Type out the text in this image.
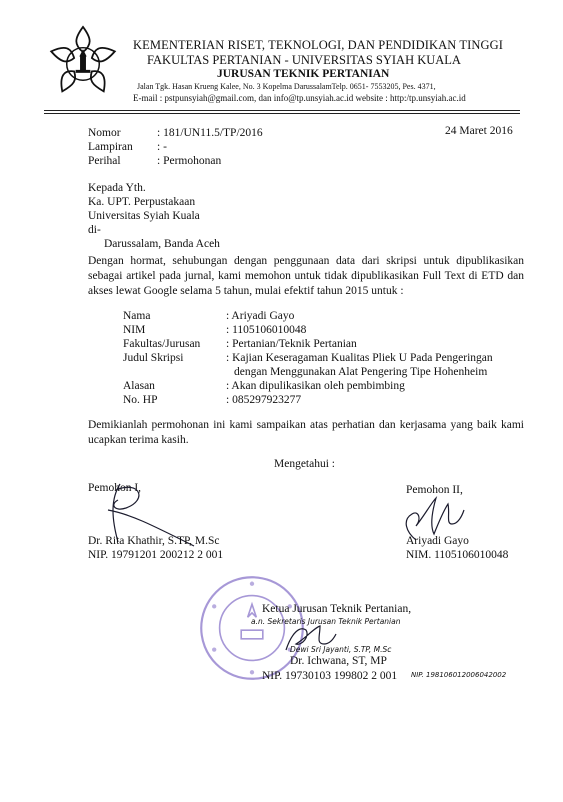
KEMENTERIAN RISET, TEKNOLOGI, DAN PENDIDIKAN TINGGI
FAKULTAS PERTANIAN - UNIVERSITAS SYIAH KUALA
JURUSAN TEKNIK PERTANIAN
Jalan Tgk. Hasan Krueng Kalee, No. 3 Kopelma DarussalamTelp. 0651- 7553205, Pes. 4371,
E-mail : pstpunsyiah@gmail.com, dan info@tp.unsyiah.ac.id website : http:/tp.unsyiah.ac.id
Nomor	: 181/UN11.5/TP/2016
Lampiran : -
Perihal	: Permohonan
24 Maret 2016
Kepada Yth.
Ka. UPT. Perpustakaan
Universitas Syiah Kuala
di-
Darussalam, Banda Aceh
Dengan hormat, sehubungan dengan penggunaan data dari skripsi untuk dipublikasikan sebagai artikel pada jurnal, kami memohon untuk tidak dipublikasikan Full Text di ETD dan akses lewat Google selama 5 tahun, mulai efektif tahun 2015 untuk :
Nama	: Ariyadi Gayo
NIM	: 1105106010048
Fakultas/Jurusan : Pertanian/Teknik Pertanian
Judul Skripsi	: Kajian Keseragaman Kualitas Pliek U Pada Pengeringan
dengan Menggunakan Alat Pengering Tipe Hohenheim
Alasan	: Akan dipulikasikan oleh pembimbing
No. HP	: 085297923277
Demikianlah permohonan ini kami sampaikan atas perhatian dan kerjasama yang baik kami ucapkan terima kasih.
Mengetahui :
Pemohon I,
Dr. Rita Khathir, S.TP, M.Sc
NIP. 19791201 200212 2 001
Pemohon II,
Ariyadi Gayo
NIM. 1105106010048
Ketua Jurusan Teknik Pertanian,
a.n. Sekretaris Jurusan Teknik Pertanian
Dewi Sri Jayanti, S.TP, M.Sc
Dr. Ichwana, ST, MP
NIP. 19730103 199802 2 001 NIP. 198106012006042002
